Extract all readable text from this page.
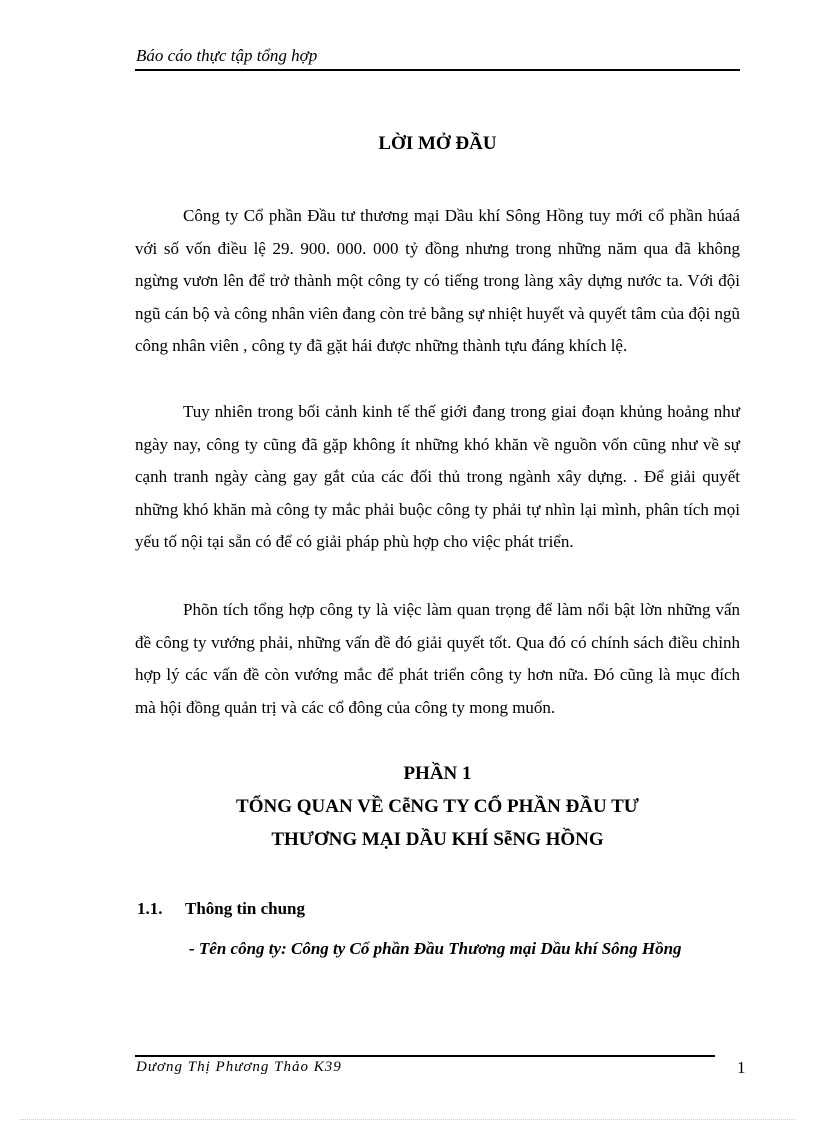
Báo cáo thực tập tổng hợp
LỜI MỞ ĐẦU

Công ty Cổ phần Đầu tư thương mại Dầu khí Sông Hồng tuy mới cổ phần húaá với số vốn điều lệ 29. 900. 000. 000 tỷ đồng nhưng trong những năm qua đã không ngừng vươn lên để trở thành một công ty có tiếng trong làng xây dựng nước ta. Với đội ngũ cán bộ và công nhân viên đang còn trẻ bằng sự nhiệt huyết và quyết tâm của đội ngũ công nhân viên , công ty đã gặt hái được những thành tựu đáng khích lệ.

Tuy nhiên trong bối cảnh kinh tế thế giới đang trong giai đoạn khủng hoảng như ngày nay, công ty cũng đã gặp không ít những khó khăn về nguồn vốn cũng như về sự cạnh tranh ngày càng gay gắt của các đối thủ trong ngành xây dựng. . Để giải quyết những khó khăn mà công ty mắc phải buộc công ty phải tự nhìn lại mình, phân tích mọi yếu tố nội tại sẵn có để có giải pháp phù hợp cho việc phát triển.

Phõn tích tổng hợp công ty là việc làm quan trọng để làm nổi bật lờn những vấn đề công ty vướng phải, những vấn đề đó giải quyết tốt. Qua đó có chính sách điều chỉnh hợp lý các vấn đề còn vướng mắc để phát triển công ty hơn nữa. Đó cũng là mục đích mà hội đồng quản trị và các cổ đông của công ty mong muốn.

PHẦN 1
TỔNG QUAN VỀ CễNG TY CỔ PHẦN ĐẦU TƯ
THƯƠNG MẠI DẦU KHÍ SễNG HỒNG
1.1. Thông tin chung

- Tên công ty: Công ty Cổ phần Đầu Thương mại Dầu khí Sông Hồng

Dương Thị Phương Thảo K39	1
